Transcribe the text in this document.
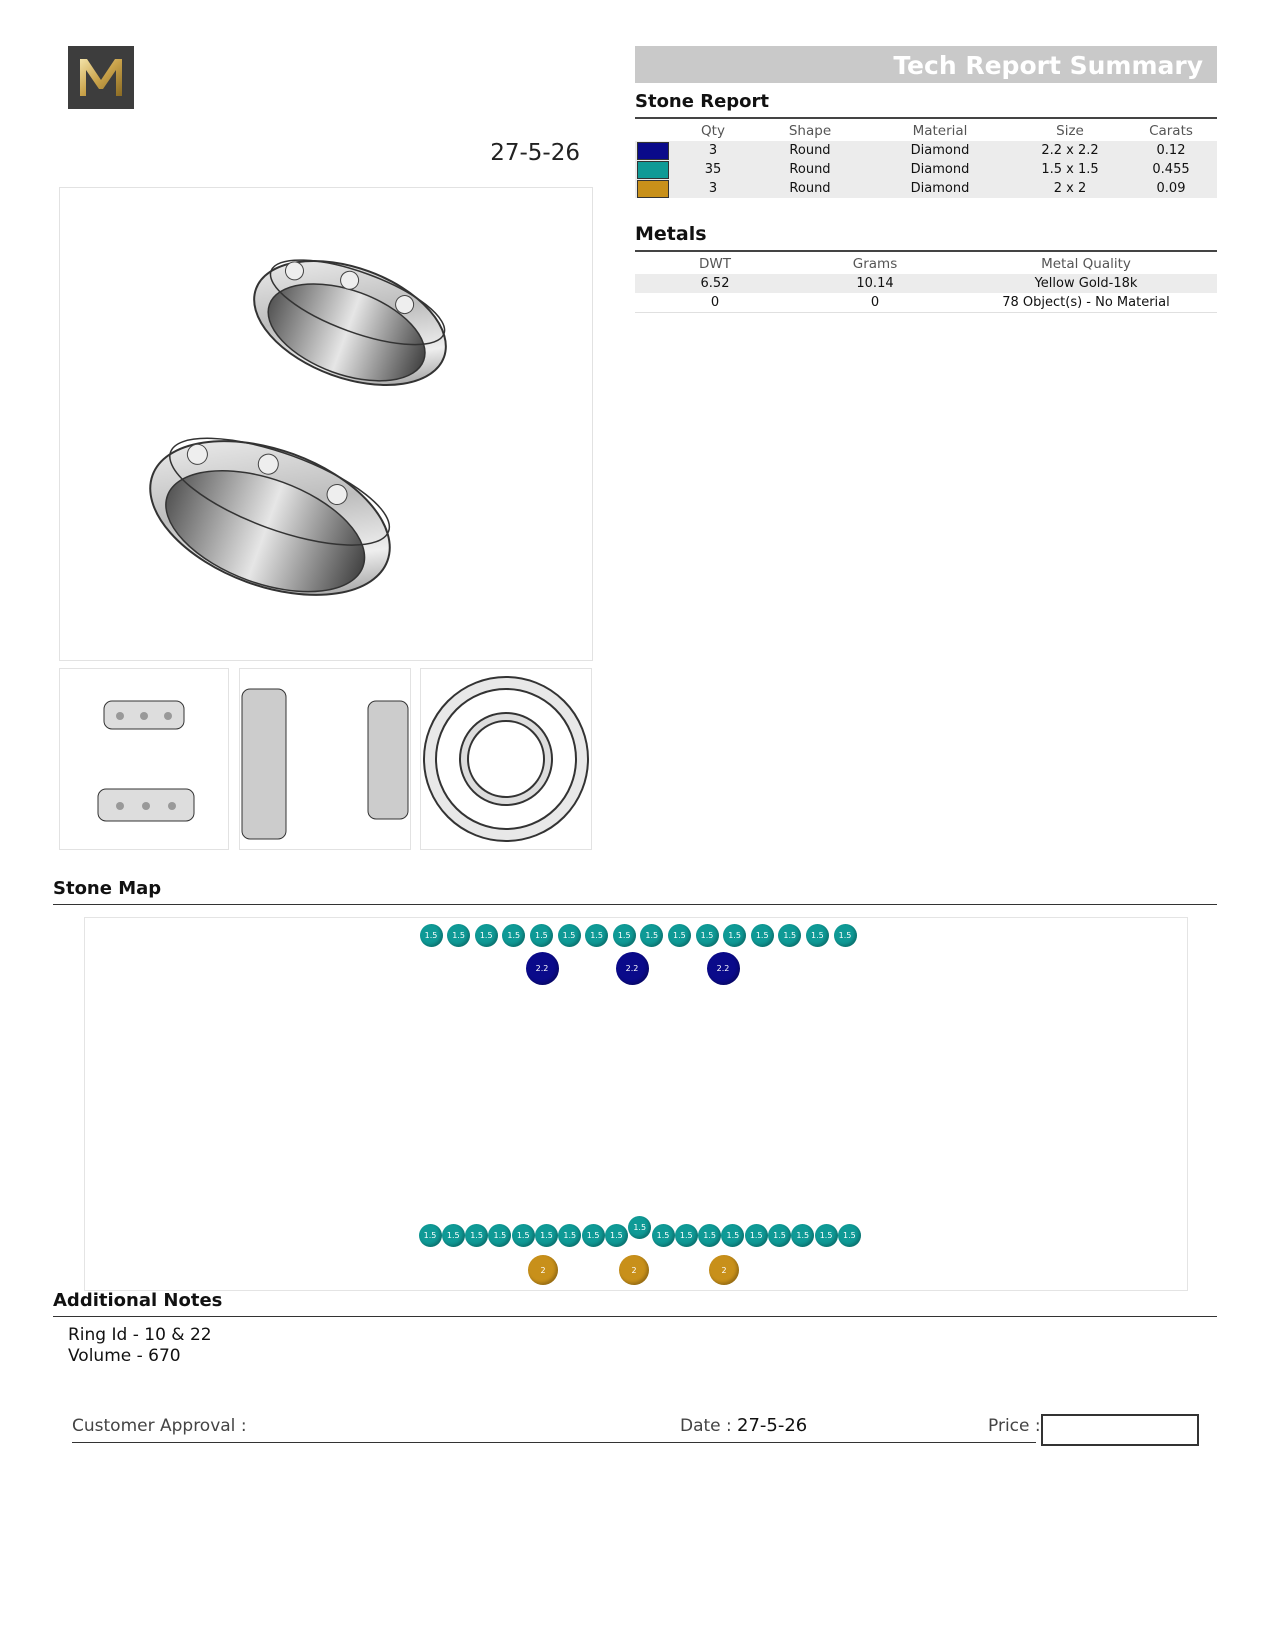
27-5-26
Tech Report Summary
Stone Report
	Qty	Shape	Material	Size	Carats

	3	Round	Diamond	2.2 x 2.2	0.12

	35	Round	Diamond	1.5 x 1.5	0.455

	3	Round	Diamond	2 x 2	0.09
Metals
DWT	Grams	Metal Quality
6.52	10.14	Yellow Gold-18k
0	0	78 Object(s) - No Material
Stone Map
1.5	1.5	1.5	1.5	1.5	1.5	1.5	1.5	1.5	1.5	1.5	1.5	1.5	1.5	1.5	1.5
2.2	2.2	2.2
1.5	1.5	1.5	1.5	1.5	1.5	1.5	1.5	1.5
1.5
1.5	1.5	1.5	1.5	1.5	1.5	1.5	1.5	1.5
2	2	2
Additional Notes
Ring Id - 10 & 22
Volume - 670
Customer Approval :	Date : 27-5-26	Price :
